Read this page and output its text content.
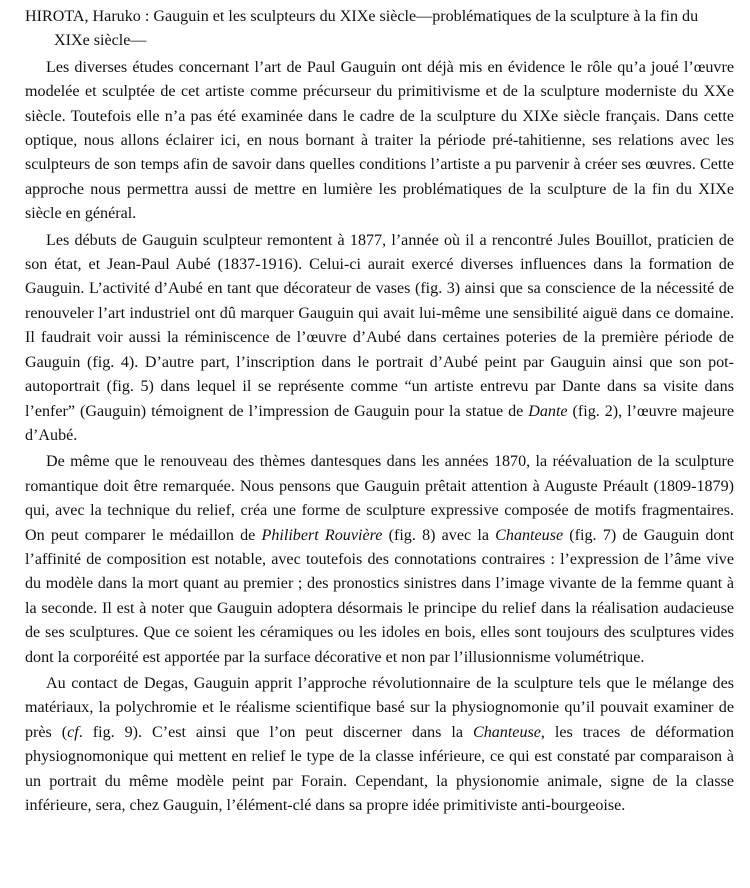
HIROTA, Haruko : Gauguin et les sculpteurs du XIXe siècle—problématiques de la sculpture à la fin du XIXe siècle—

Les diverses études concernant l’art de Paul Gauguin ont déjà mis en évidence le rôle qu’a joué l’œuvre modelée et sculptée de cet artiste comme précurseur du primitivisme et de la sculpture moderniste du XXe siècle. Toutefois elle n’a pas été examinée dans le cadre de la sculpture du XIXe siècle français. Dans cette optique, nous allons éclairer ici, en nous bornant à traiter la période pré-tahitienne, ses relations avec les sculpteurs de son temps afin de savoir dans quelles conditions l’artiste a pu parvenir à créer ses œuvres. Cette approche nous permettra aussi de mettre en lumière les problématiques de la sculpture de la fin du XIXe siècle en général.

Les débuts de Gauguin sculpteur remontent à 1877, l’année où il a rencontré Jules Bouillot, praticien de son état, et Jean-Paul Aubé (1837-1916). Celui-ci aurait exercé diverses influences dans la formation de Gauguin. L’activité d’Aubé en tant que décorateur de vases (fig. 3) ainsi que sa conscience de la nécessité de renouveler l’art industriel ont dû marquer Gauguin qui avait lui-même une sensibilité aiguë dans ce domaine. Il faudrait voir aussi la réminiscence de l’œuvre d’Aubé dans certaines poteries de la première période de Gauguin (fig. 4). D’autre part, l’inscription dans le portrait d’Aubé peint par Gauguin ainsi que son pot-autoportrait (fig. 5) dans lequel il se représente comme “un artiste entrevu par Dante dans sa visite dans l’enfer” (Gauguin) témoignent de l’impression de Gauguin pour la statue de Dante (fig. 2), l’œuvre majeure d’Aubé.

De même que le renouveau des thèmes dantesques dans les années 1870, la réévaluation de la sculpture romantique doit être remarquée. Nous pensons que Gauguin prêtait attention à Auguste Préault (1809-1879) qui, avec la technique du relief, créa une forme de sculpture expressive composée de motifs fragmentaires. On peut comparer le médaillon de Philibert Rouvière (fig. 8) avec la Chanteuse (fig. 7) de Gauguin dont l’affinité de composition est notable, avec toutefois des connotations contraires : l’expression de l’âme vive du modèle dans la mort quant au premier ; des pronostics sinistres dans l’image vivante de la femme quant à la seconde. Il est à noter que Gauguin adoptera désormais le principe du relief dans la réalisation audacieuse de ses sculptures. Que ce soient les céramiques ou les idoles en bois, elles sont toujours des sculptures vides dont la corporéité est apportée par la surface décorative et non par l’illusionnisme volumétrique.

Au contact de Degas, Gauguin apprit l’approche révolutionnaire de la sculpture tels que le mélange des matériaux, la polychromie et le réalisme scientifique basé sur la physiognomonie qu’il pouvait examiner de près (cf. fig. 9). C’est ainsi que l’on peut discerner dans la Chanteuse, les traces de déformation physiognomonique qui mettent en relief le type de la classe inférieure, ce qui est constaté par comparaison à un portrait du même modèle peint par Forain. Cependant, la physionomie animale, signe de la classe inférieure, sera, chez Gauguin, l’élément-clé dans sa propre idée primitiviste anti-bourgeoise.
